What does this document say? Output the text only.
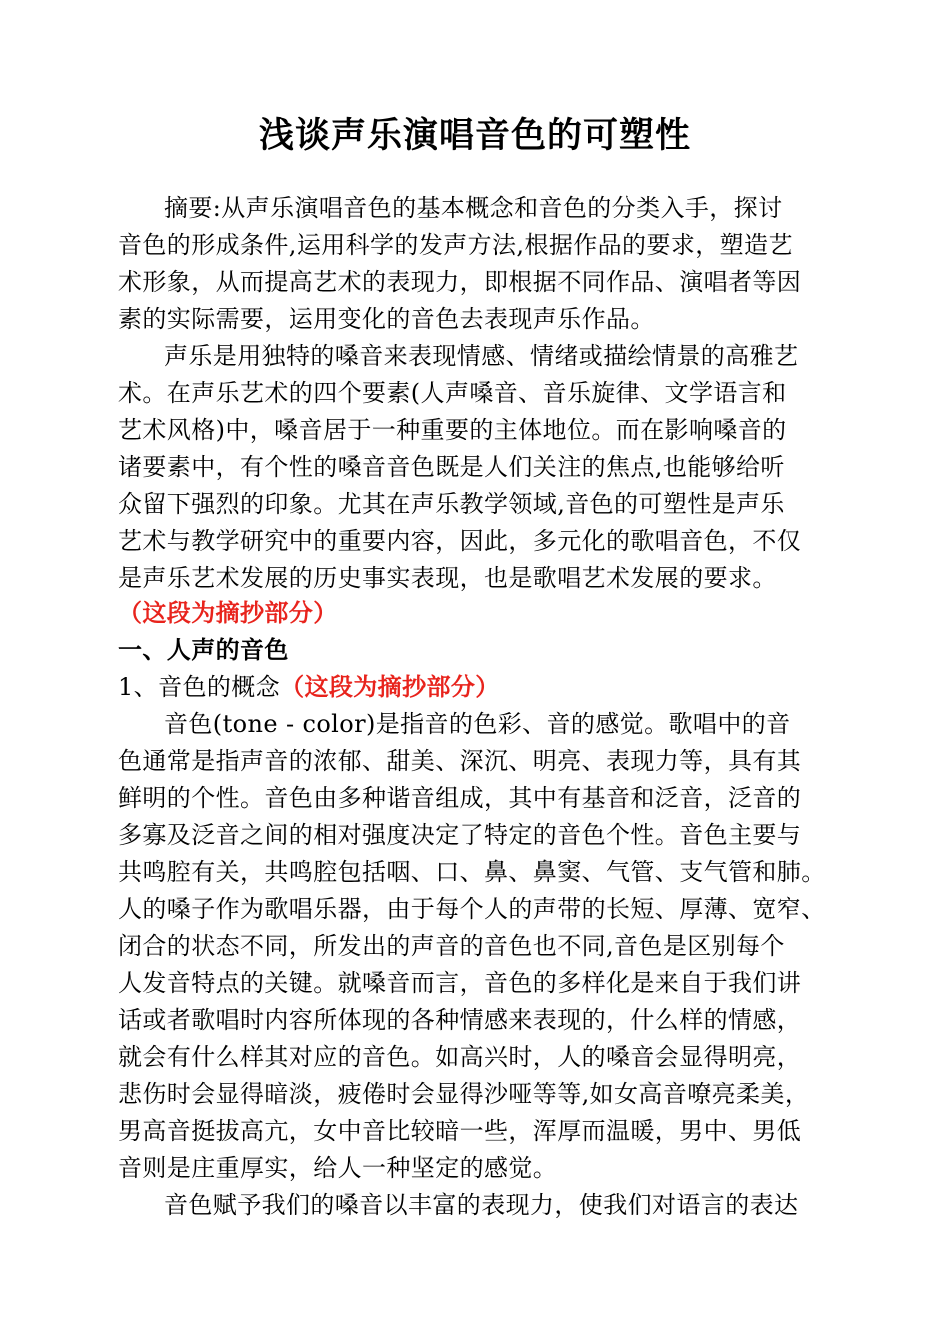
浅谈声乐演唱音色的可塑性
摘要:从声乐演唱音色的基本概念和音色的分类入手，探讨
音色的形成条件,运用科学的发声方法,根据作品的要求，塑造艺
术形象，从而提高艺术的表现力，即根据不同作品、演唱者等因
素的实际需要，运用变化的音色去表现声乐作品。
声乐是用独特的嗓音来表现情感、情绪或描绘情景的高雅艺
术。在声乐艺术的四个要素(人声嗓音、音乐旋律、文学语言和
艺术风格)中，嗓音居于一种重要的主体地位。而在影响嗓音的
诸要素中，有个性的嗓音音色既是人们关注的焦点,也能够给听
众留下强烈的印象。尤其在声乐教学领域,音色的可塑性是声乐
艺术与教学研究中的重要内容，因此，多元化的歌唱音色，不仅
是声乐艺术发展的历史事实表现，也是歌唱艺术发展的要求。
（这段为摘抄部分）
一、人声的音色
1、音色的概念（这段为摘抄部分）
音色(tone - color)是指音的色彩、音的感觉。歌唱中的音
色通常是指声音的浓郁、甜美、深沉、明亮、表现力等，具有其
鲜明的个性。音色由多种谐音组成，其中有基音和泛音，泛音的
多寡及泛音之间的相对强度决定了特定的音色个性。音色主要与
共鸣腔有关，共鸣腔包括咽、口、鼻、鼻窦、气管、支气管和肺。
人的嗓子作为歌唱乐器，由于每个人的声带的长短、厚薄、宽窄、
闭合的状态不同，所发出的声音的音色也不同,音色是区别每个
人发音特点的关键。就嗓音而言，音色的多样化是来自于我们讲
话或者歌唱时内容所体现的各种情感来表现的，什么样的情感，
就会有什么样其对应的音色。如高兴时，人的嗓音会显得明亮，
悲伤时会显得暗淡，疲倦时会显得沙哑等等,如女高音嘹亮柔美，
男高音挺拔高亢，女中音比较暗一些，浑厚而温暖，男中、男低
音则是庄重厚实，给人一种坚定的感觉。
音色赋予我们的嗓音以丰富的表现力，使我们对语言的表达
